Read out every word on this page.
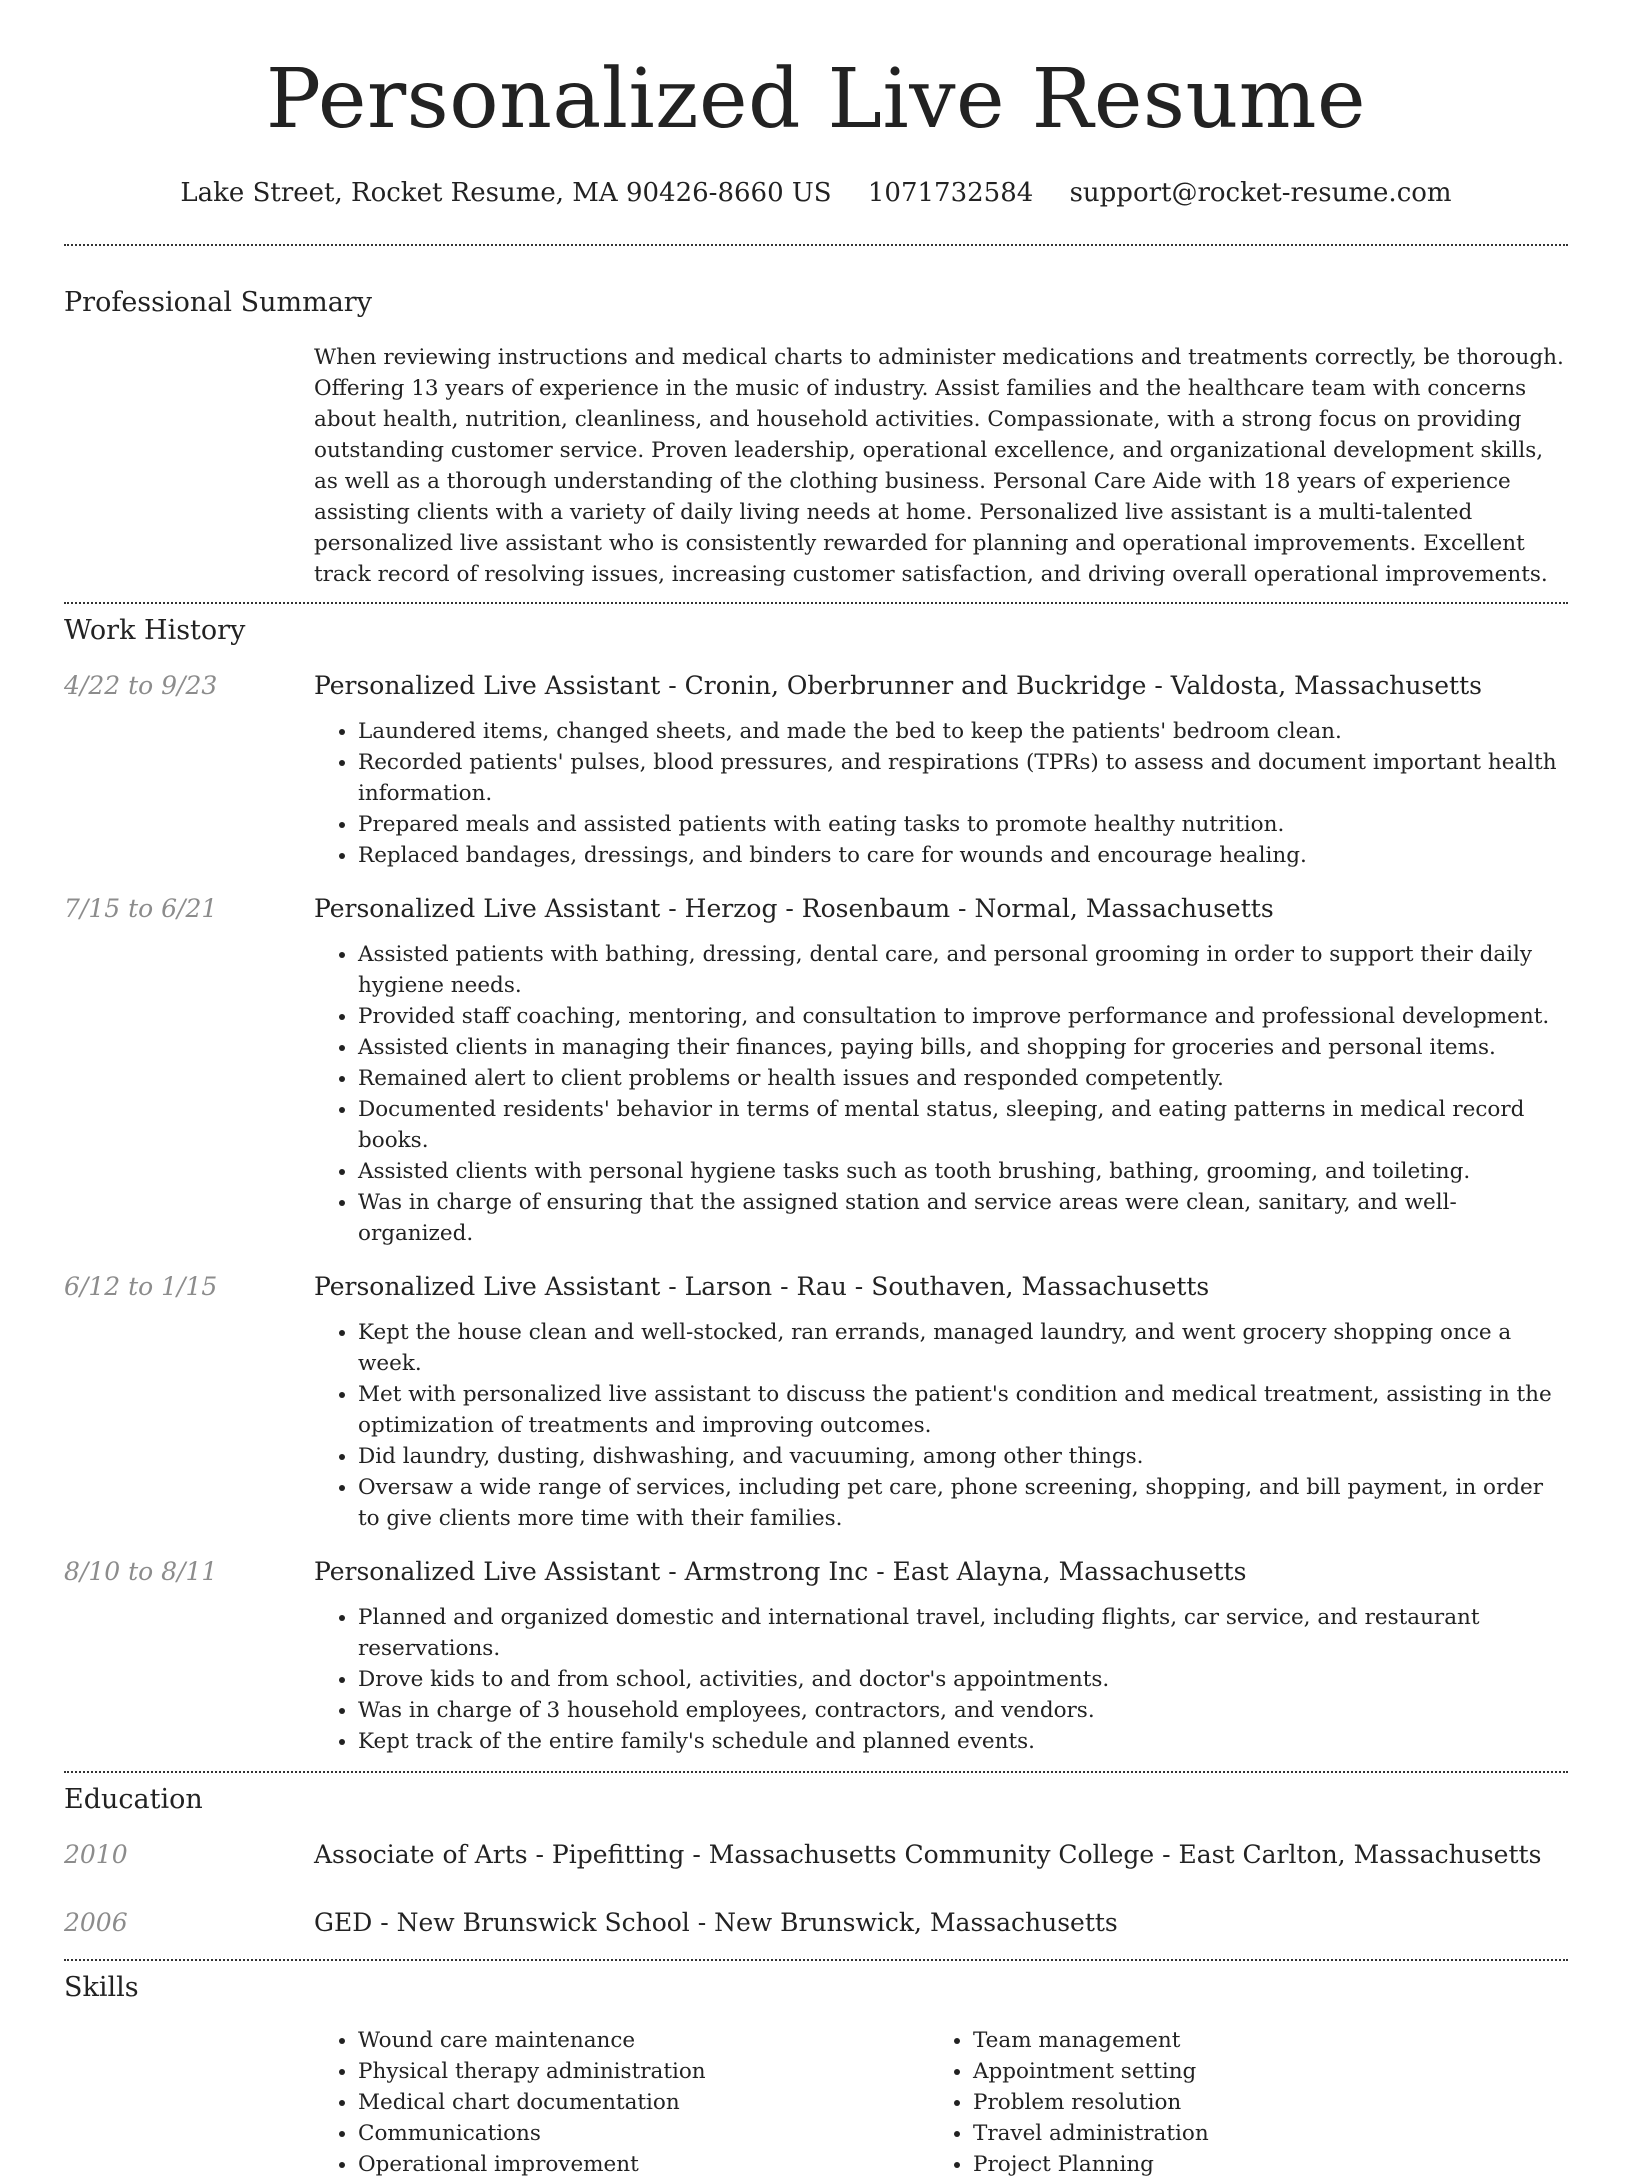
Personalized Live Resume
Lake Street, Rocket Resume, MA 90426-8660 US 1071732584 support@rocket-resume.com
Professional Summary

When reviewing instructions and medical charts to administer medications and treatments correctly, be thorough. Offering 13 years of experience in the music of industry. Assist families and the healthcare team with concerns about health, nutrition, cleanliness, and household activities. Compassionate, with a strong focus on providing outstanding customer service. Proven leadership, operational excellence, and organizational development skills, as well as a thorough understanding of the clothing business. Personal Care Aide with 18 years of experience assisting clients with a variety of daily living needs at home. Personalized live assistant is a multi-talented personalized live assistant who is consistently rewarded for planning and operational improvements. Excellent track record of resolving issues, increasing customer satisfaction, and driving overall operational improvements.

Work History
4/22 to 9/23	Personalized Live Assistant - Cronin, Oberbrunner and Buckridge - Valdosta, Massachusetts
• Laundered items, changed sheets, and made the bed to keep the patients' bedroom clean.
• Recorded patients' pulses, blood pressures, and respirations (TPRs) to assess and document important health information.
• Prepared meals and assisted patients with eating tasks to promote healthy nutrition.
• Replaced bandages, dressings, and binders to care for wounds and encourage healing.
7/15 to 6/21	Personalized Live Assistant - Herzog - Rosenbaum - Normal, Massachusetts
• Assisted patients with bathing, dressing, dental care, and personal grooming in order to support their daily hygiene needs.
• Provided staff coaching, mentoring, and consultation to improve performance and professional development.
• Assisted clients in managing their finances, paying bills, and shopping for groceries and personal items.
• Remained alert to client problems or health issues and responded competently.
• Documented residents' behavior in terms of mental status, sleeping, and eating patterns in medical record books.
• Assisted clients with personal hygiene tasks such as tooth brushing, bathing, grooming, and toileting.
• Was in charge of ensuring that the assigned station and service areas were clean, sanitary, and well-organized.
6/12 to 1/15	Personalized Live Assistant - Larson - Rau - Southaven, Massachusetts
• Kept the house clean and well-stocked, ran errands, managed laundry, and went grocery shopping once a week.
• Met with personalized live assistant to discuss the patient's condition and medical treatment, assisting in the optimization of treatments and improving outcomes.
• Did laundry, dusting, dishwashing, and vacuuming, among other things.
• Oversaw a wide range of services, including pet care, phone screening, shopping, and bill payment, in order to give clients more time with their families.
8/10 to 8/11	Personalized Live Assistant - Armstrong Inc - East Alayna, Massachusetts
• Planned and organized domestic and international travel, including flights, car service, and restaurant reservations.
• Drove kids to and from school, activities, and doctor's appointments.
• Was in charge of 3 household employees, contractors, and vendors.
• Kept track of the entire family's schedule and planned events.
Education
2010	Associate of Arts - Pipefitting - Massachusetts Community College - East Carlton, Massachusetts
2006	GED - New Brunswick School - New Brunswick, Massachusetts
Skills
• Wound care maintenance
• Physical therapy administration
• Medical chart documentation
• Communications
• Operational improvement
• Team management
• Appointment setting
• Problem resolution
• Travel administration
• Project Planning
